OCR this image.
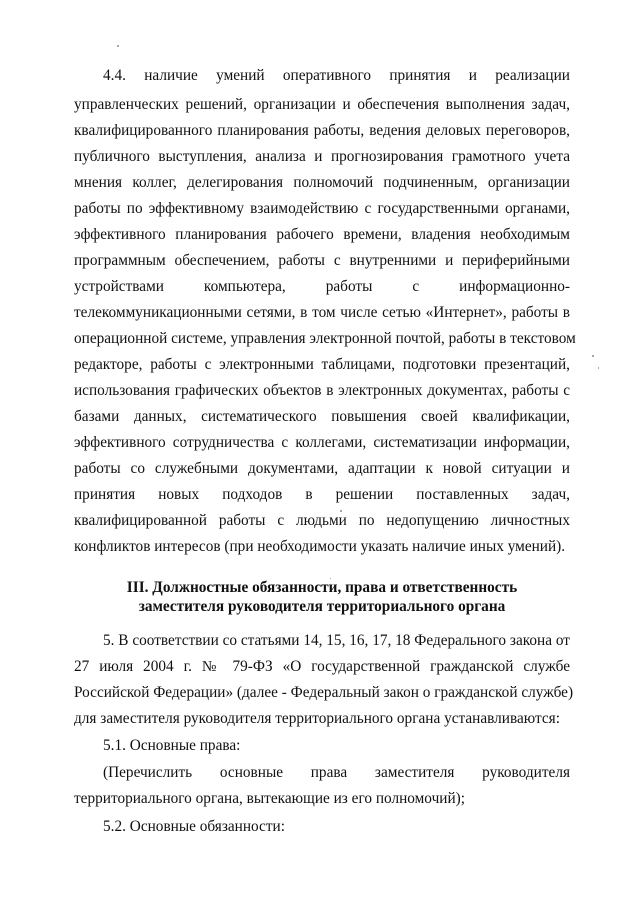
4.4. наличие умений оперативного принятия и реализации
управленческих решений, организации и обеспечения выполнения задач,
квалифицированного планирования работы, ведения деловых переговоров,
публичного выступления, анализа и прогнозирования грамотного учета
мнения коллег, делегирования полномочий подчиненным, организации
работы по эффективному взаимодействию с государственными органами,
эффективного планирования рабочего времени, владения необходимым
программным обеспечением, работы с внутренними и периферийными
устройствами компьютера, работы с информационно-
телекоммуникационными сетями, в том числе сетью «Интернет», работы в
операционной системе, управления электронной почтой, работы в текстовом
редакторе, работы с электронными таблицами, подготовки презентаций,
использования графических объектов в электронных документах, работы с
базами данных, систематического повышения своей квалификации,
эффективного сотрудничества с коллегами, систематизации информации,
работы со служебными документами, адаптации к новой ситуации и
принятия новых подходов в решении поставленных задач,
квалифицированной работы с людьми по недопущению личностных
конфликтов интересов (при необходимости указать наличие иных умений).
III. Должностные обязанности, права и ответственность
заместителя руководителя территориального органа
5. В соответствии со статьями 14, 15, 16, 17, 18 Федерального закона от
27 июля 2004 г. № 79-ФЗ «О государственной гражданской службе
Российской Федерации» (далее - Федеральный закон о гражданской службе)
для заместителя руководителя территориального органа устанавливаются:
5.1. Основные права:
(Перечислить основные права заместителя руководителя
территориального органа, вытекающие из его полномочий);
5.2. Основные обязанности:
